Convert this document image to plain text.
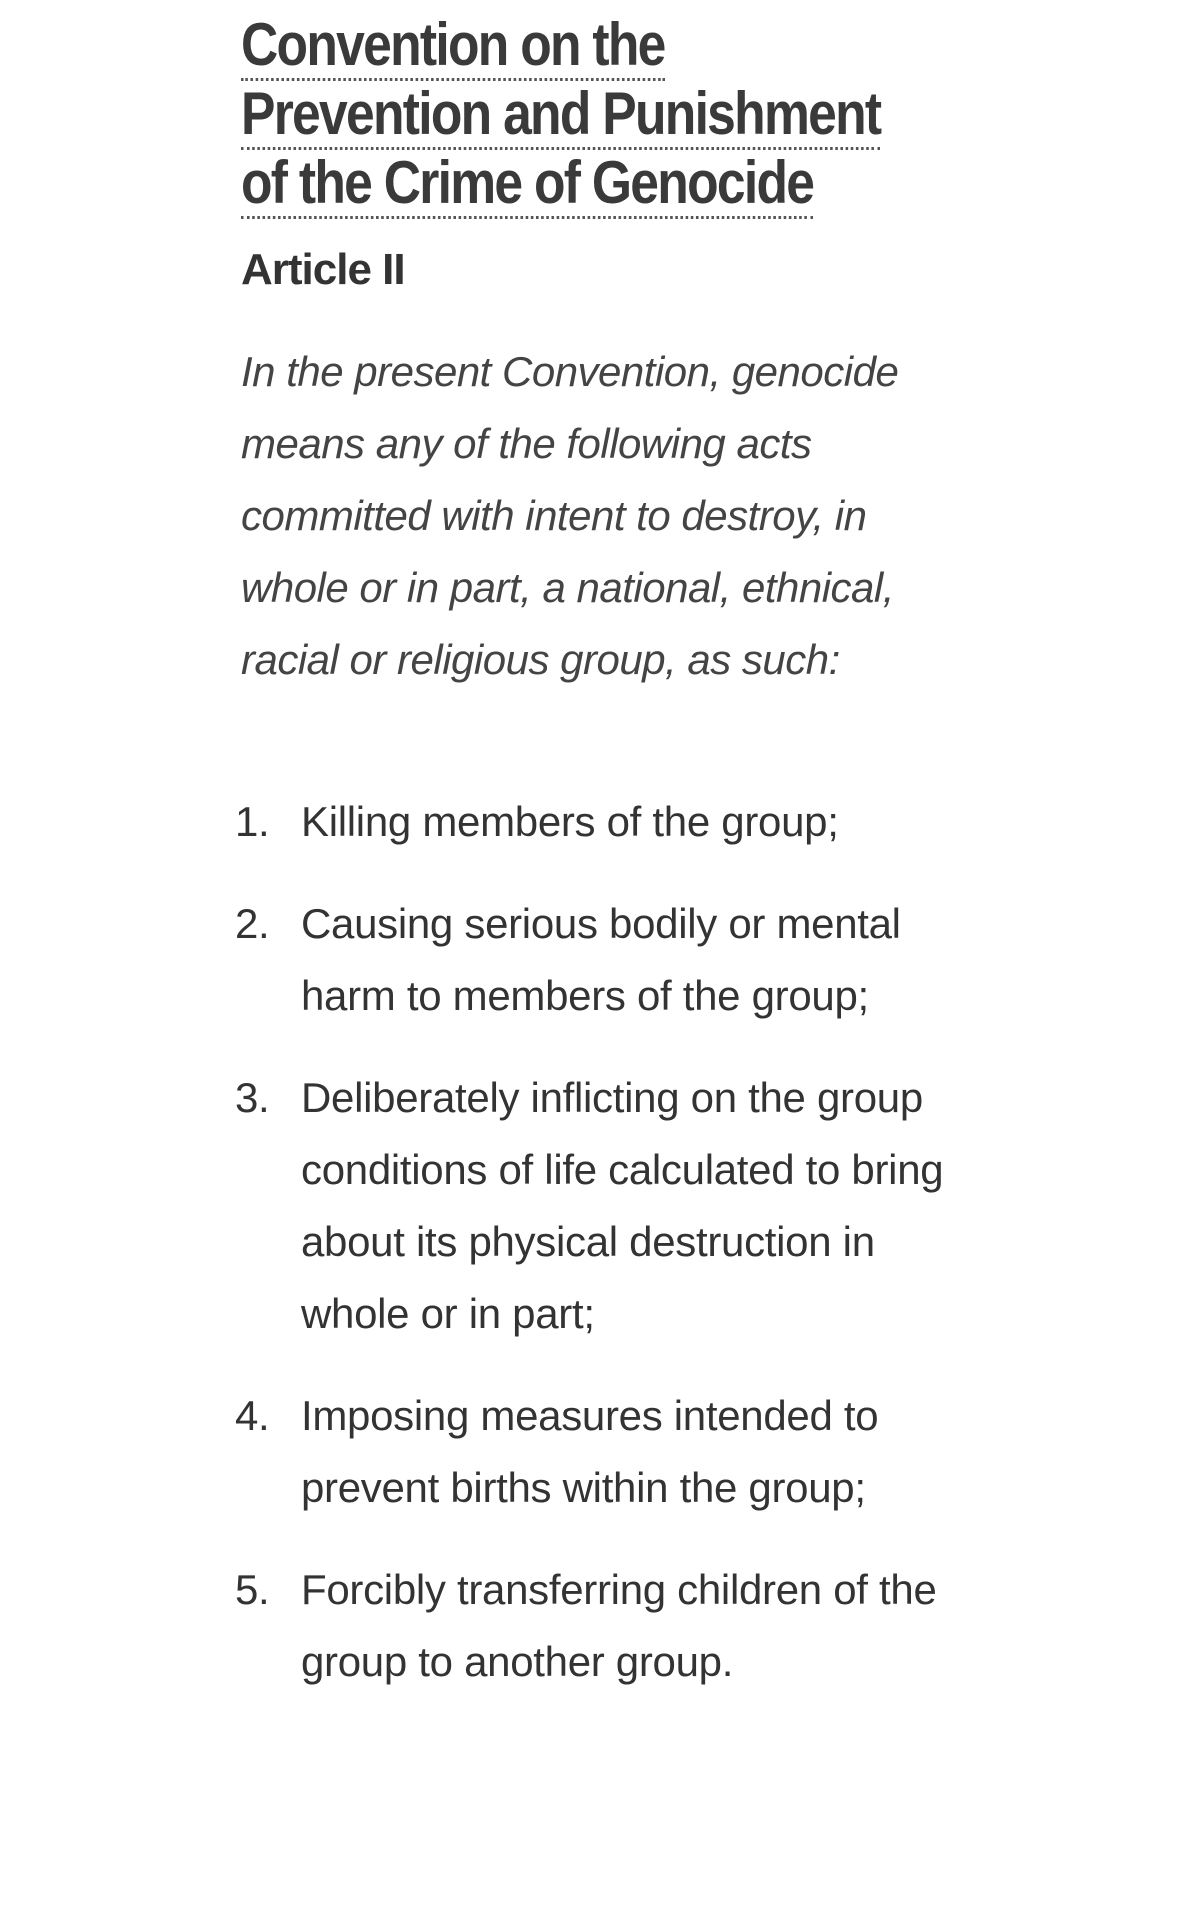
Convention on the
Prevention and Punishment
of the Crime of Genocide
Article II

In the present Convention, genocide means any of the following acts committed with intent to destroy, in whole or in part, a national, ethnical, racial or religious group, as such:

1. Killing members of the group;
2. Causing serious bodily or mental harm to members of the group;
3. Deliberately inflicting on the group conditions of life calculated to bring about its physical destruction in whole or in part;
4. Imposing measures intended to prevent births within the group;
5. Forcibly transferring children of the group to another group.
